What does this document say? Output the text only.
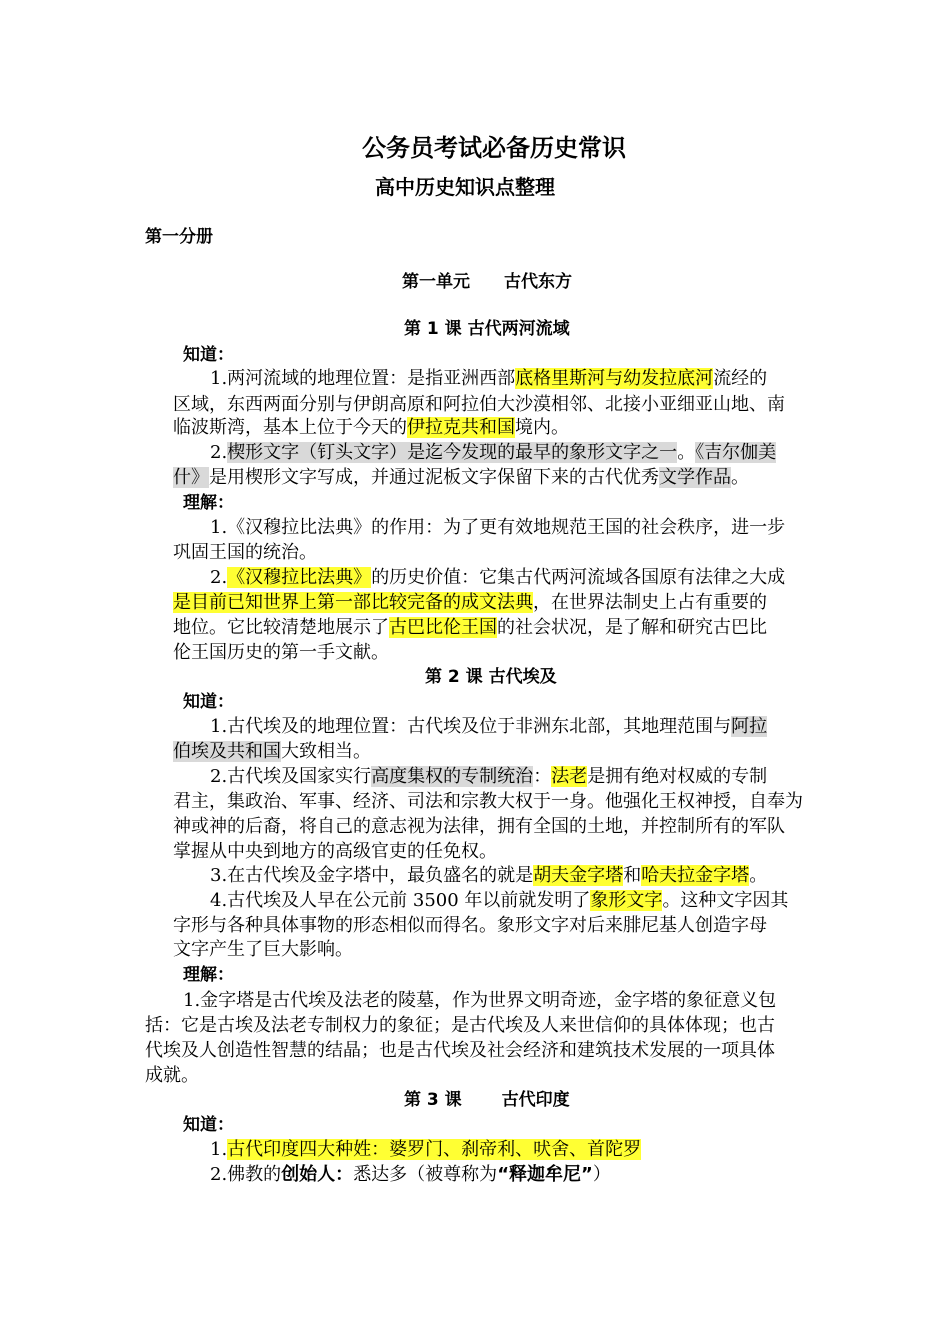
公务员考试必备历史常识
高中历史知识点整理
第一分册
第一单元　　古代东方
第 1 课 古代两河流域
知道：
1.两河流域的地理位置：是指亚洲西部底格里斯河与幼发拉底河流经的
区域，东西两面分别与伊朗高原和阿拉伯大沙漠相邻、北接小亚细亚山地、南
临波斯湾，基本上位于今天的伊拉克共和国境内。
2.楔形文字（钉头文字）是迄今发现的最早的象形文字之一。《吉尔伽美
什》是用楔形文字写成，并通过泥板文字保留下来的古代优秀文学作品。
理解：
1.《汉穆拉比法典》的作用：为了更有效地规范王国的社会秩序，进一步
巩固王国的统治。
2.《汉穆拉比法典》的历史价值：它集古代两河流域各国原有法律之大成
是目前已知世界上第一部比较完备的成文法典，在世界法制史上占有重要的
地位。它比较清楚地展示了古巴比伦王国的社会状况，是了解和研究古巴比
伦王国历史的第一手文献。
第 2 课 古代埃及
知道：
1.古代埃及的地理位置：古代埃及位于非洲东北部，其地理范围与阿拉
伯埃及共和国大致相当。
2.古代埃及国家实行高度集权的专制统治：法老是拥有绝对权威的专制
君主，集政治、军事、经济、司法和宗教大权于一身。他强化王权神授，自奉为
神或神的后裔，将自己的意志视为法律，拥有全国的土地，并控制所有的军队
掌握从中央到地方的高级官吏的任免权。
3.在古代埃及金字塔中，最负盛名的就是胡夫金字塔和哈夫拉金字塔。
4.古代埃及人早在公元前 3500 年以前就发明了象形文字。这种文字因其
字形与各种具体事物的形态相似而得名。象形文字对后来腓尼基人创造字母
文字产生了巨大影响。
理解：
1.金字塔是古代埃及法老的陵墓，作为世界文明奇迹，金字塔的象征意义包
括：它是古埃及法老专制权力的象征；是古代埃及人来世信仰的具体体现；也古
代埃及人创造性智慧的结晶；也是古代埃及社会经济和建筑技术发展的一项具体
成就。
第 3 课　　 古代印度
知道：
1.古代印度四大种姓：婆罗门、刹帝利、吠舍、首陀罗
2.佛教的创始人：悉达多（被尊称为“释迦牟尼”）
